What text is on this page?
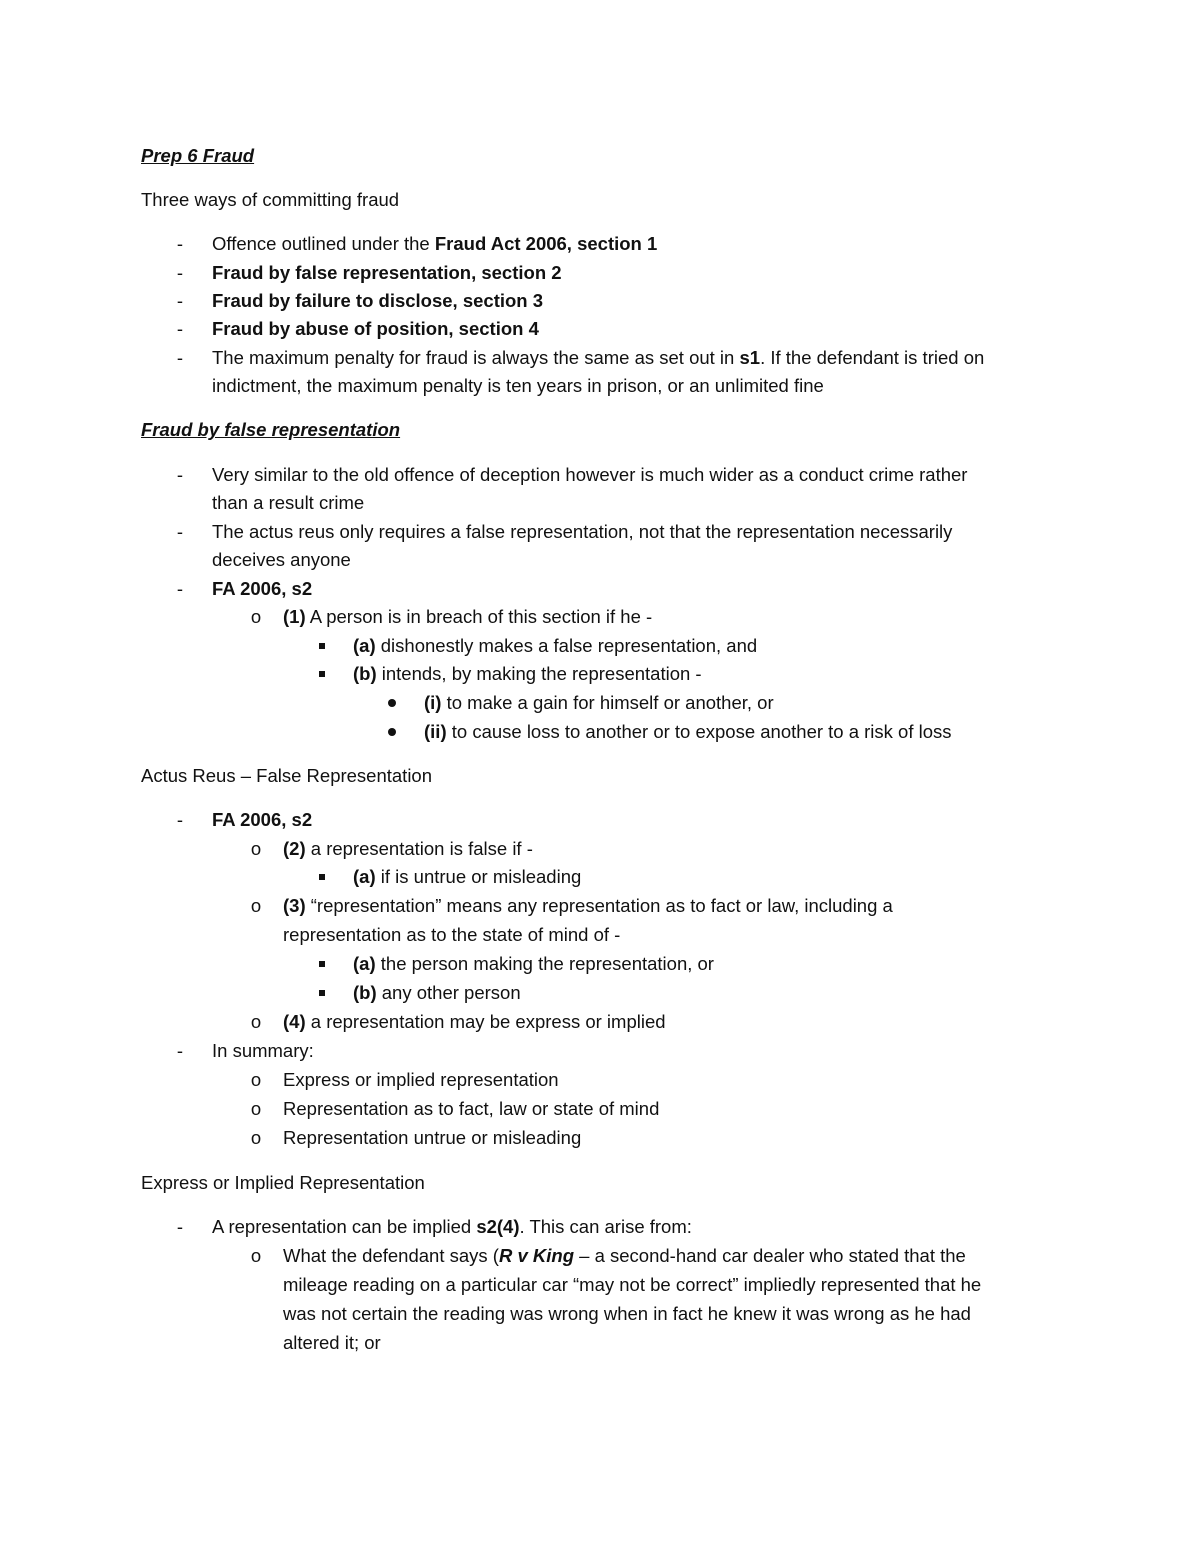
Prep 6 Fraud
Three ways of committing fraud
-	Offence outlined under the Fraud Act 2006, section 1
-	Fraud by false representation, section 2
-	Fraud by failure to disclose, section 3
-	Fraud by abuse of position, section 4
-	The maximum penalty for fraud is always the same as set out in s1. If the defendant is tried on
indictment, the maximum penalty is ten years in prison, or an unlimited fine
Fraud by false representation
-	Very similar to the old offence of deception however is much wider as a conduct crime rather
than a result crime
-	The actus reus only requires a false representation, not that the representation necessarily
deceives anyone
-	FA 2006, s2
o	(1) A person is in breach of this section if he -
(a) dishonestly makes a false representation, and
(b) intends, by making the representation -
(i) to make a gain for himself or another, or
(ii) to cause loss to another or to expose another to a risk of loss
Actus Reus – False Representation
-	FA 2006, s2
o	(2) a representation is false if -
(a) if is untrue or misleading
o	(3) “representation” means any representation as to fact or law, including a
representation as to the state of mind of -
(a) the person making the representation, or
(b) any other person
o	(4) a representation may be express or implied
-	In summary:
o	Express or implied representation
o	Representation as to fact, law or state of mind
o	Representation untrue or misleading
Express or Implied Representation
-	A representation can be implied s2(4). This can arise from:
o	What the defendant says (R v King – a second-hand car dealer who stated that the
mileage reading on a particular car “may not be correct” impliedly represented that he
was not certain the reading was wrong when in fact he knew it was wrong as he had
altered it; or
